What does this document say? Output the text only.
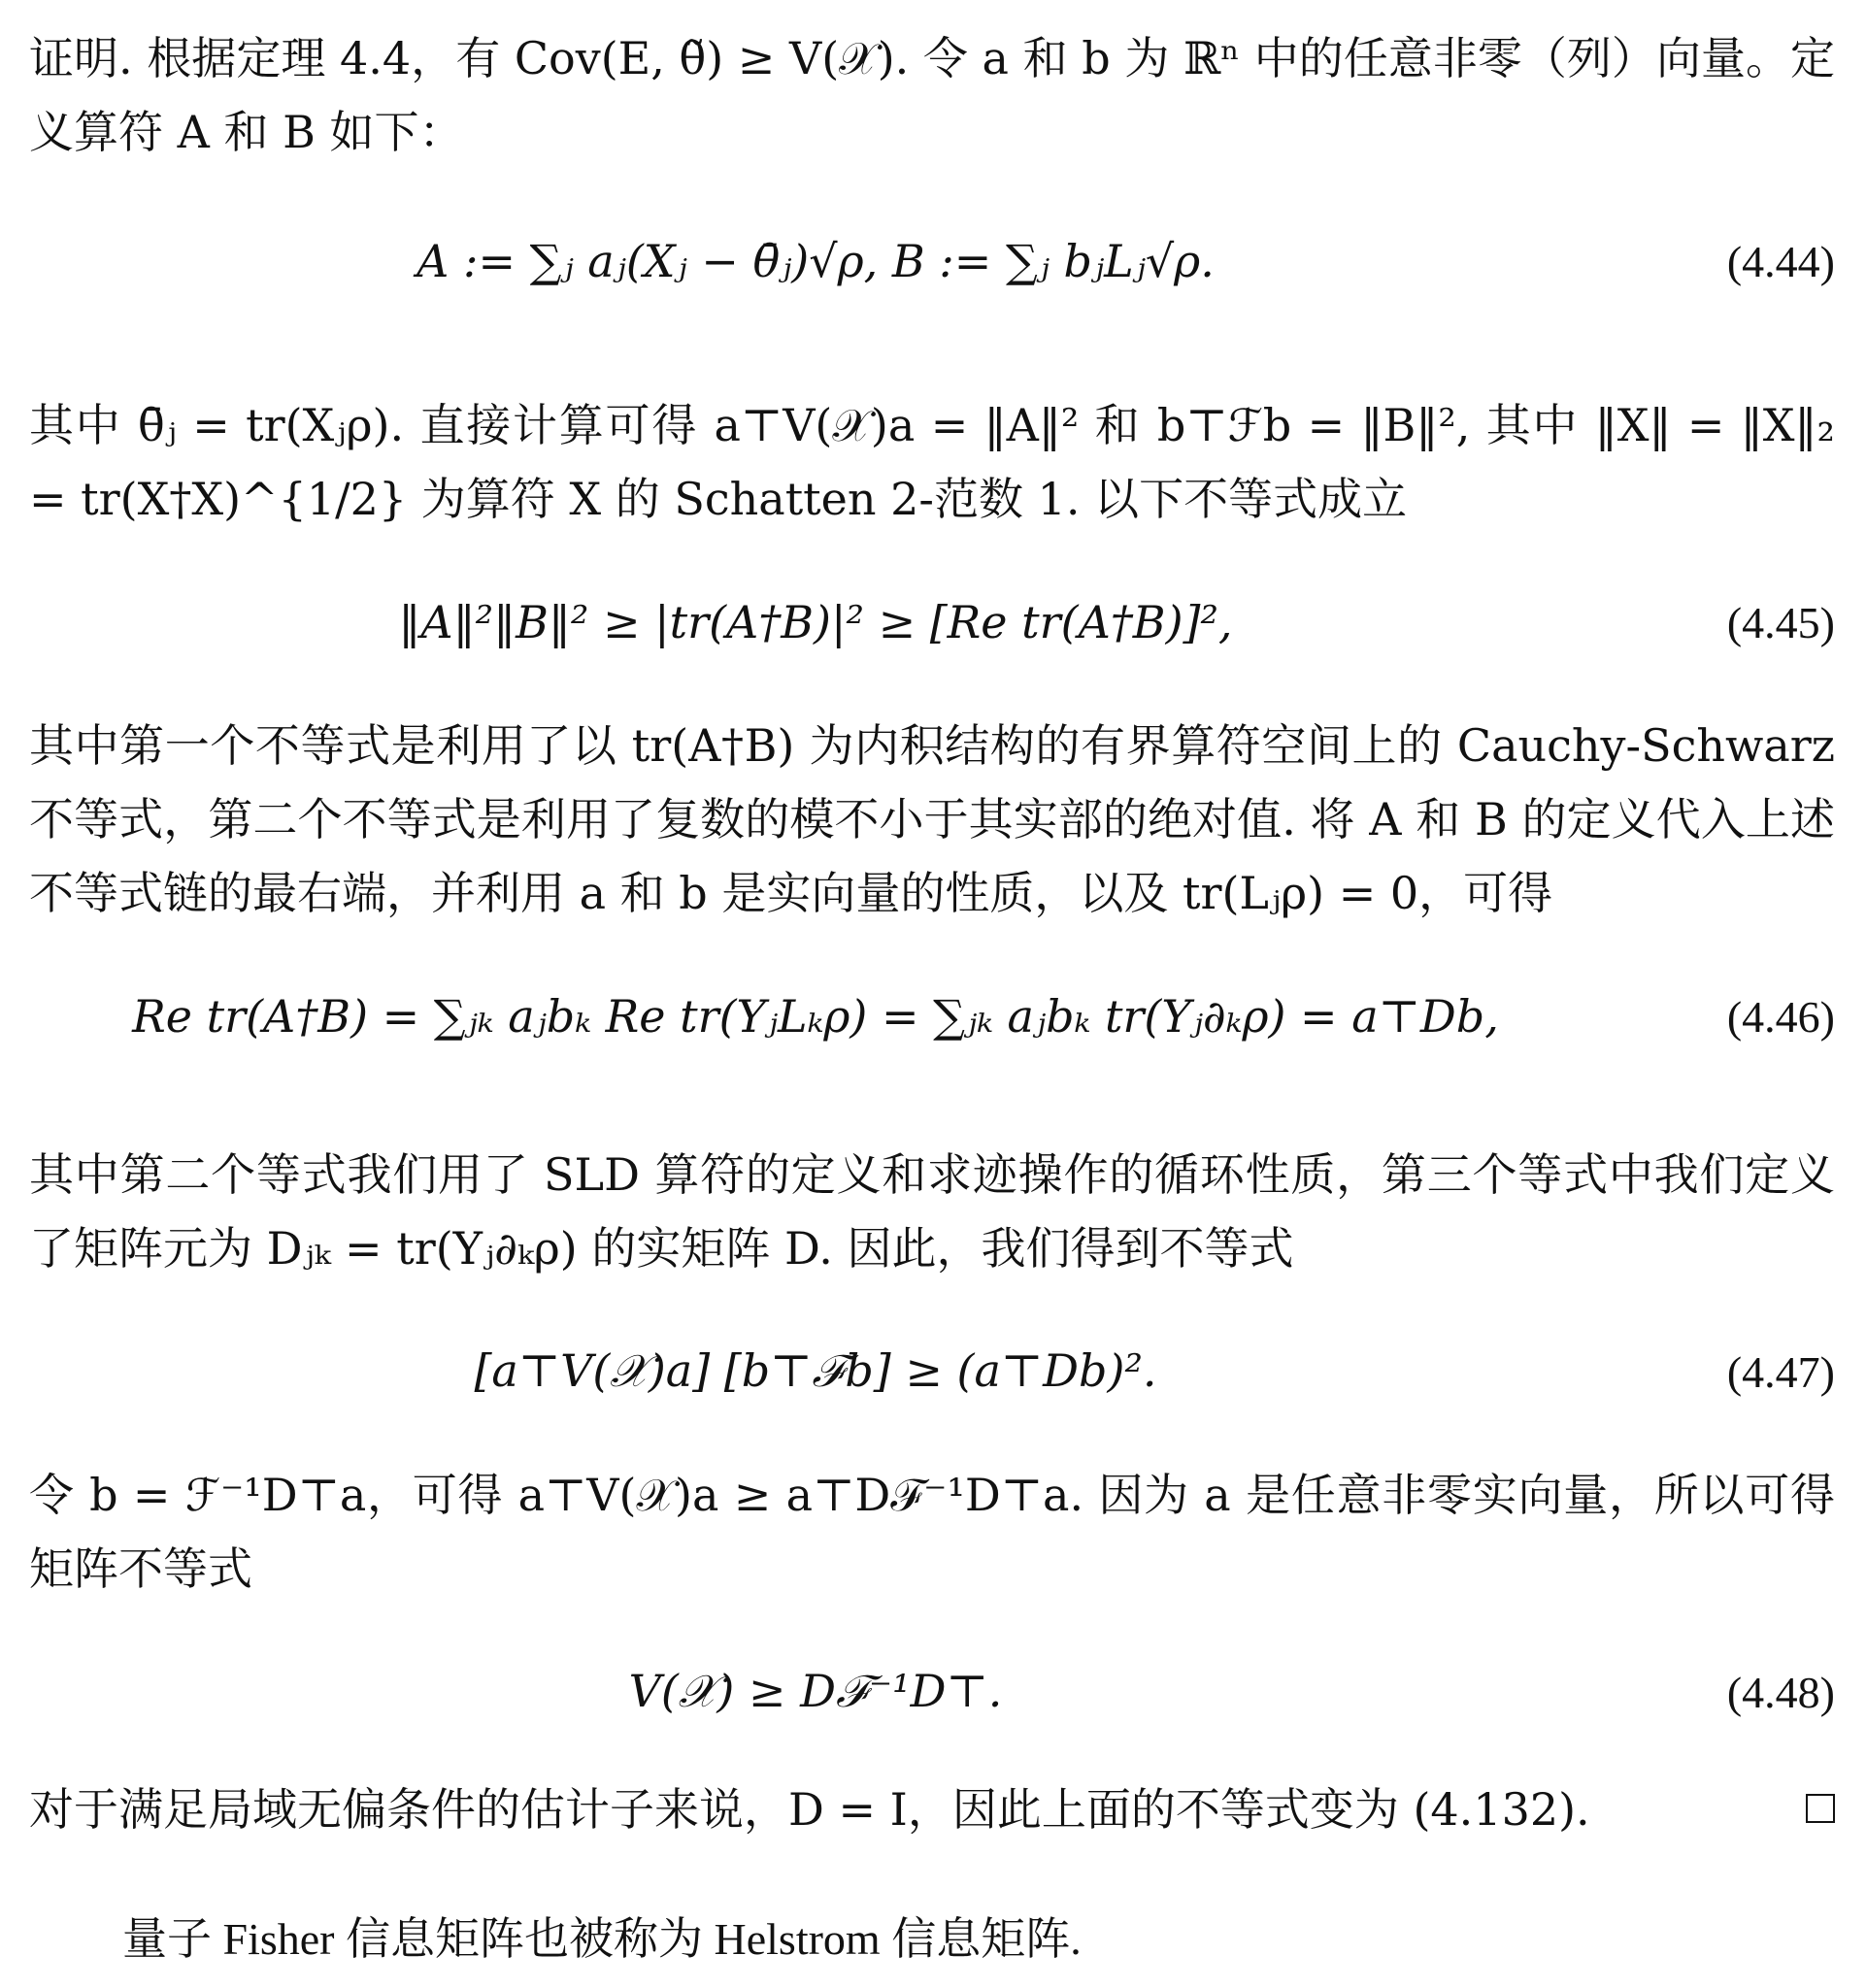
证明. 根据定理 4.4，有 Cov(E, θ̃) ≥ V(𝒳). 令 a 和 b 为 ℝⁿ 中的任意非零（列）向量。定义算符 A 和 B 如下：
A := ∑ⱼ aⱼ(Xⱼ − θ̄ⱼ)√ρ, B := ∑ⱼ bⱼLⱼ√ρ.	(4.44)
其中 θ̄ⱼ = tr(Xⱼρ). 直接计算可得 a⊤V(𝒳)a = ‖A‖² 和 b⊤ℱb = ‖B‖², 其中 ‖X‖ = ‖X‖₂ = tr(X†X)^{1/2} 为算符 X 的 Schatten 2-范数 1. 以下不等式成立
‖A‖²‖B‖² ≥ |tr(A†B)|² ≥ [Re tr(A†B)]²,	(4.45)
其中第一个不等式是利用了以 tr(A†B) 为内积结构的有界算符空间上的 Cauchy-Schwarz 不等式，第二个不等式是利用了复数的模不小于其实部的绝对值. 将 A 和 B 的定义代入上述不等式链的最右端，并利用 a 和 b 是实向量的性质，以及 tr(Lⱼρ) = 0，可得
Re tr(A†B) = ∑ⱼₖ aⱼbₖ Re tr(YⱼLₖρ) = ∑ⱼₖ aⱼbₖ tr(Yⱼ∂ₖρ) = a⊤Db,	(4.46)
其中第二个等式我们用了 SLD 算符的定义和求迹操作的循环性质，第三个等式中我们定义了矩阵元为 Dⱼₖ = tr(Yⱼ∂ₖρ) 的实矩阵 D. 因此，我们得到不等式
[a⊤V(𝒳)a] [b⊤ℱb] ≥ (a⊤Db)².	(4.47)
令 b = ℱ⁻¹D⊤a，可得 a⊤V(𝒳)a ≥ a⊤Dℱ⁻¹D⊤a. 因为 a 是任意非零实向量，所以可得矩阵不等式
V(𝒳) ≥ Dℱ⁻¹D⊤.	(4.48)
对于满足局域无偏条件的估计子来说，D = I，因此上面的不等式变为 (4.132).
量子 Fisher 信息矩阵也被称为 Helstrom 信息矩阵.
